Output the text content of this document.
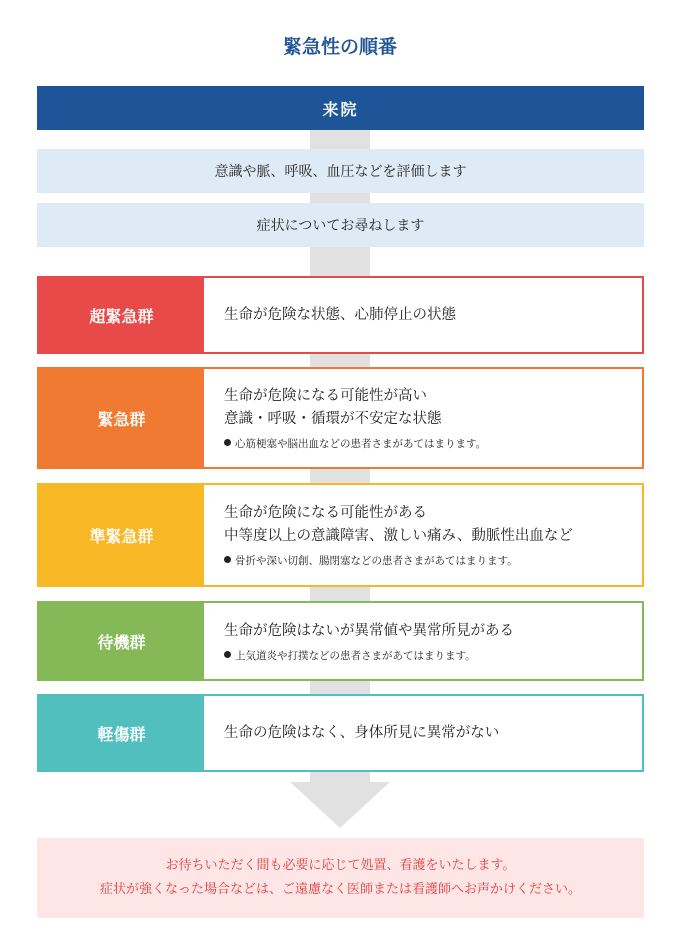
緊急性の順番
来院
意識や脈、呼吸、血圧などを評価します
症状についてお尋ねします
超緊急群	生命が危険な状態、心肺停止の状態
緊急群
生命が危険になる可能性が高い
意識・呼吸・循環が不安定な状態
心筋梗塞や脳出血などの患者さまがあてはまります。
準緊急群
生命が危険になる可能性がある
中等度以上の意識障害、激しい痛み、動脈性出血など
骨折や深い切創、腸閉塞などの患者さまがあてはまります。
待機群
生命が危険はないが異常値や異常所見がある
上気道炎や打撲などの患者さまがあてはまります。
軽傷群	生命の危険はなく、身体所見に異常がない
お待ちいただく間も必要に応じて処置、看護をいたします。
症状が強くなった場合などは、ご遠慮なく医師または看護師へお声かけください。
